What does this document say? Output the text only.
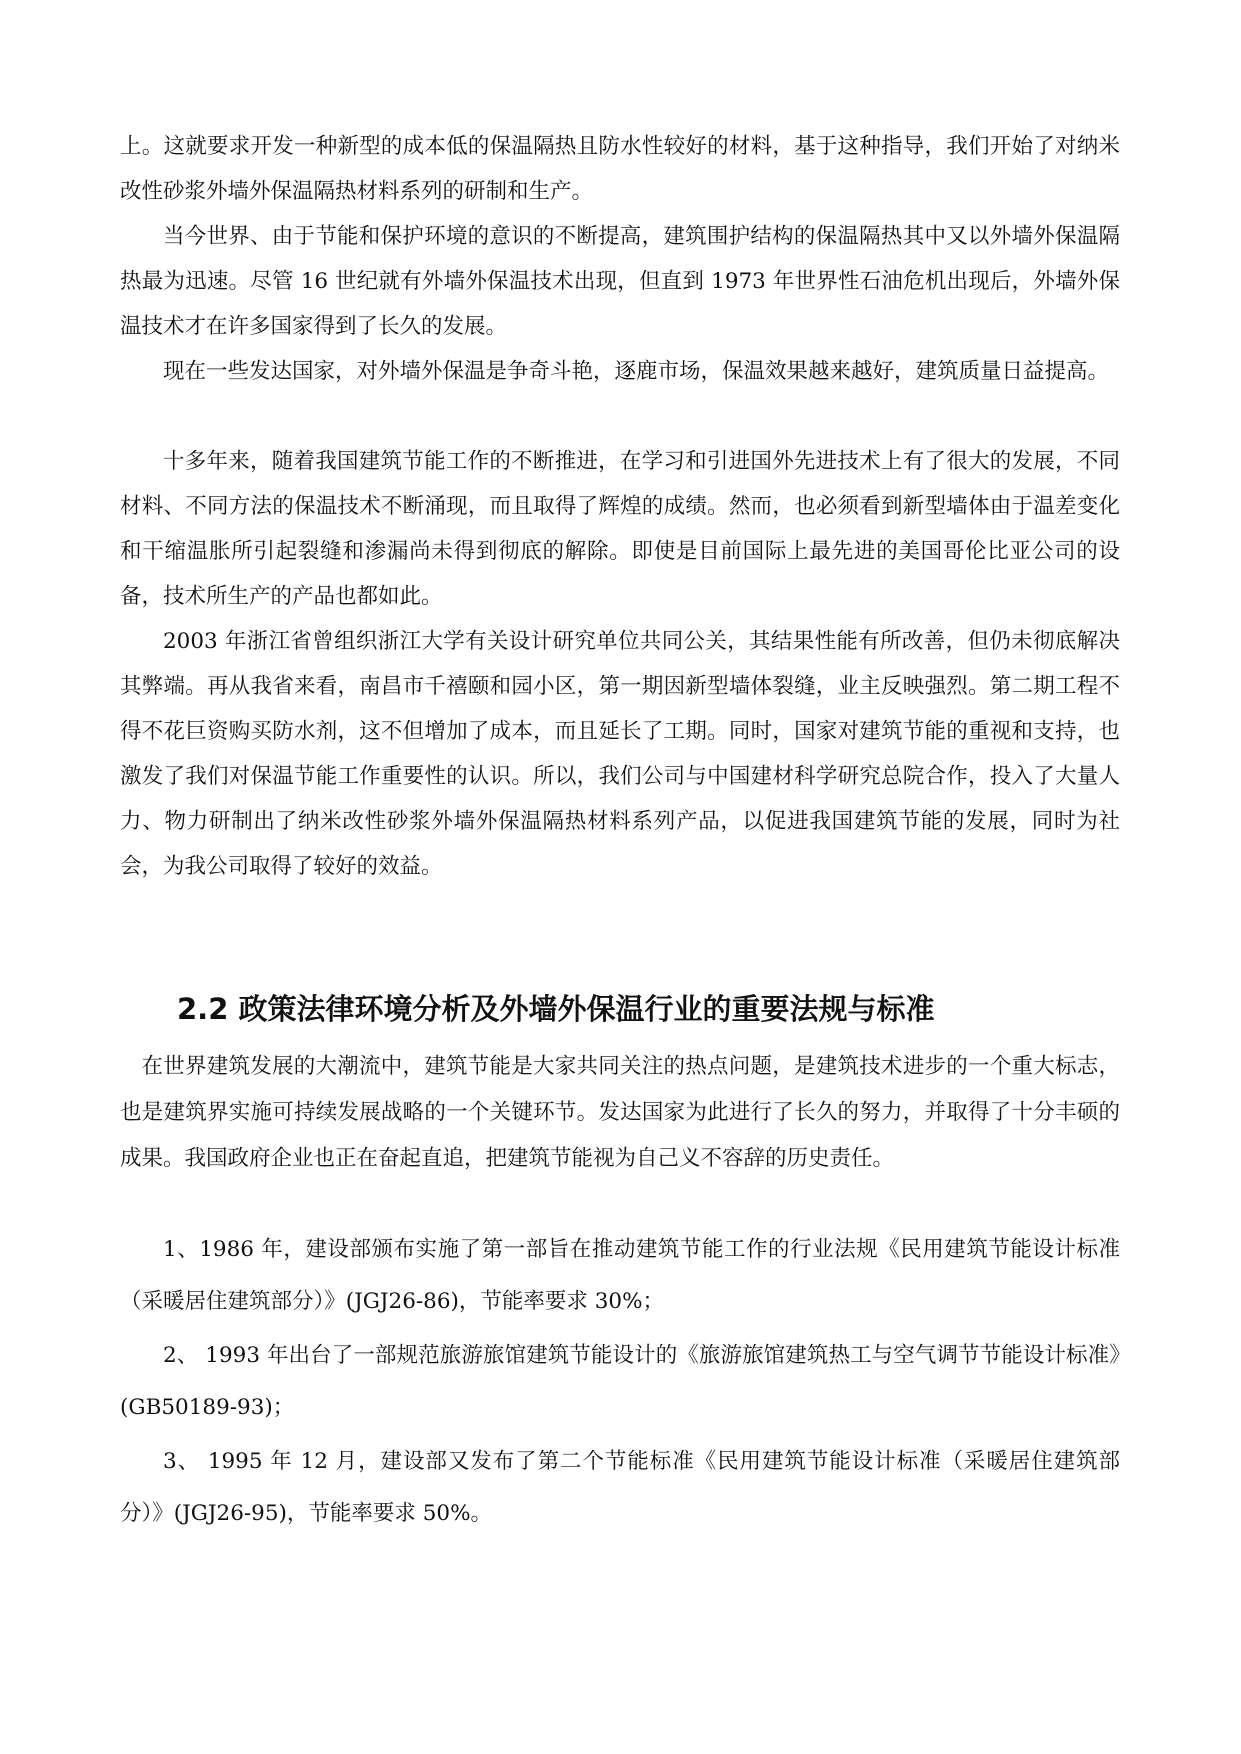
上。这就要求开发一种新型的成本低的保温隔热且防水性较好的材料，基于这种指导，我们开始了对纳米改性砂浆外墙外保温隔热材料系列的研制和生产。

当今世界、由于节能和保护环境的意识的不断提高，建筑围护结构的保温隔热其中又以外墙外保温隔热最为迅速。尽管 16 世纪就有外墙外保温技术出现，但直到 1973 年世界性石油危机出现后，外墙外保温技术才在许多国家得到了长久的发展。

现在一些发达国家，对外墙外保温是争奇斗艳，逐鹿市场，保温效果越来越好，建筑质量日益提高。

十多年来，随着我国建筑节能工作的不断推进，在学习和引进国外先进技术上有了很大的发展，不同材料、不同方法的保温技术不断涌现，而且取得了辉煌的成绩。然而，也必须看到新型墙体由于温差变化和干缩温胀所引起裂缝和渗漏尚未得到彻底的解除。即使是目前国际上最先进的美国哥伦比亚公司的设备，技术所生产的产品也都如此。

2003 年浙江省曾组织浙江大学有关设计研究单位共同公关，其结果性能有所改善，但仍未彻底解决其弊端。再从我省来看，南昌市千禧颐和园小区，第一期因新型墙体裂缝，业主反映强烈。第二期工程不得不花巨资购买防水剂，这不但增加了成本，而且延长了工期。同时，国家对建筑节能的重视和支持，也激发了我们对保温节能工作重要性的认识。所以，我们公司与中国建材科学研究总院合作，投入了大量人力、物力研制出了纳米改性砂浆外墙外保温隔热材料系列产品，以促进我国建筑节能的发展，同时为社会，为我公司取得了较好的效益。

2.2 政策法律环境分析及外墙外保温行业的重要法规与标准

在世界建筑发展的大潮流中，建筑节能是大家共同关注的热点问题，是建筑技术进步的一个重大标志，也是建筑界实施可持续发展战略的一个关键环节。发达国家为此进行了长久的努力，并取得了十分丰硕的成果。我国政府企业也正在奋起直追，把建筑节能视为自己义不容辞的历史责任。

1、1986 年，建设部颁布实施了第一部旨在推动建筑节能工作的行业法规《民用建筑节能设计标准（采暖居住建筑部分）》(JGJ26-86)，节能率要求 30%；

2、 1993 年出台了一部规范旅游旅馆建筑节能设计的《旅游旅馆建筑热工与空气调节节能设计标准》(GB50189-93)；

3、 1995 年 12 月，建设部又发布了第二个节能标准《民用建筑节能设计标准（采暖居住建筑部分）》(JGJ26-95)，节能率要求 50%。
